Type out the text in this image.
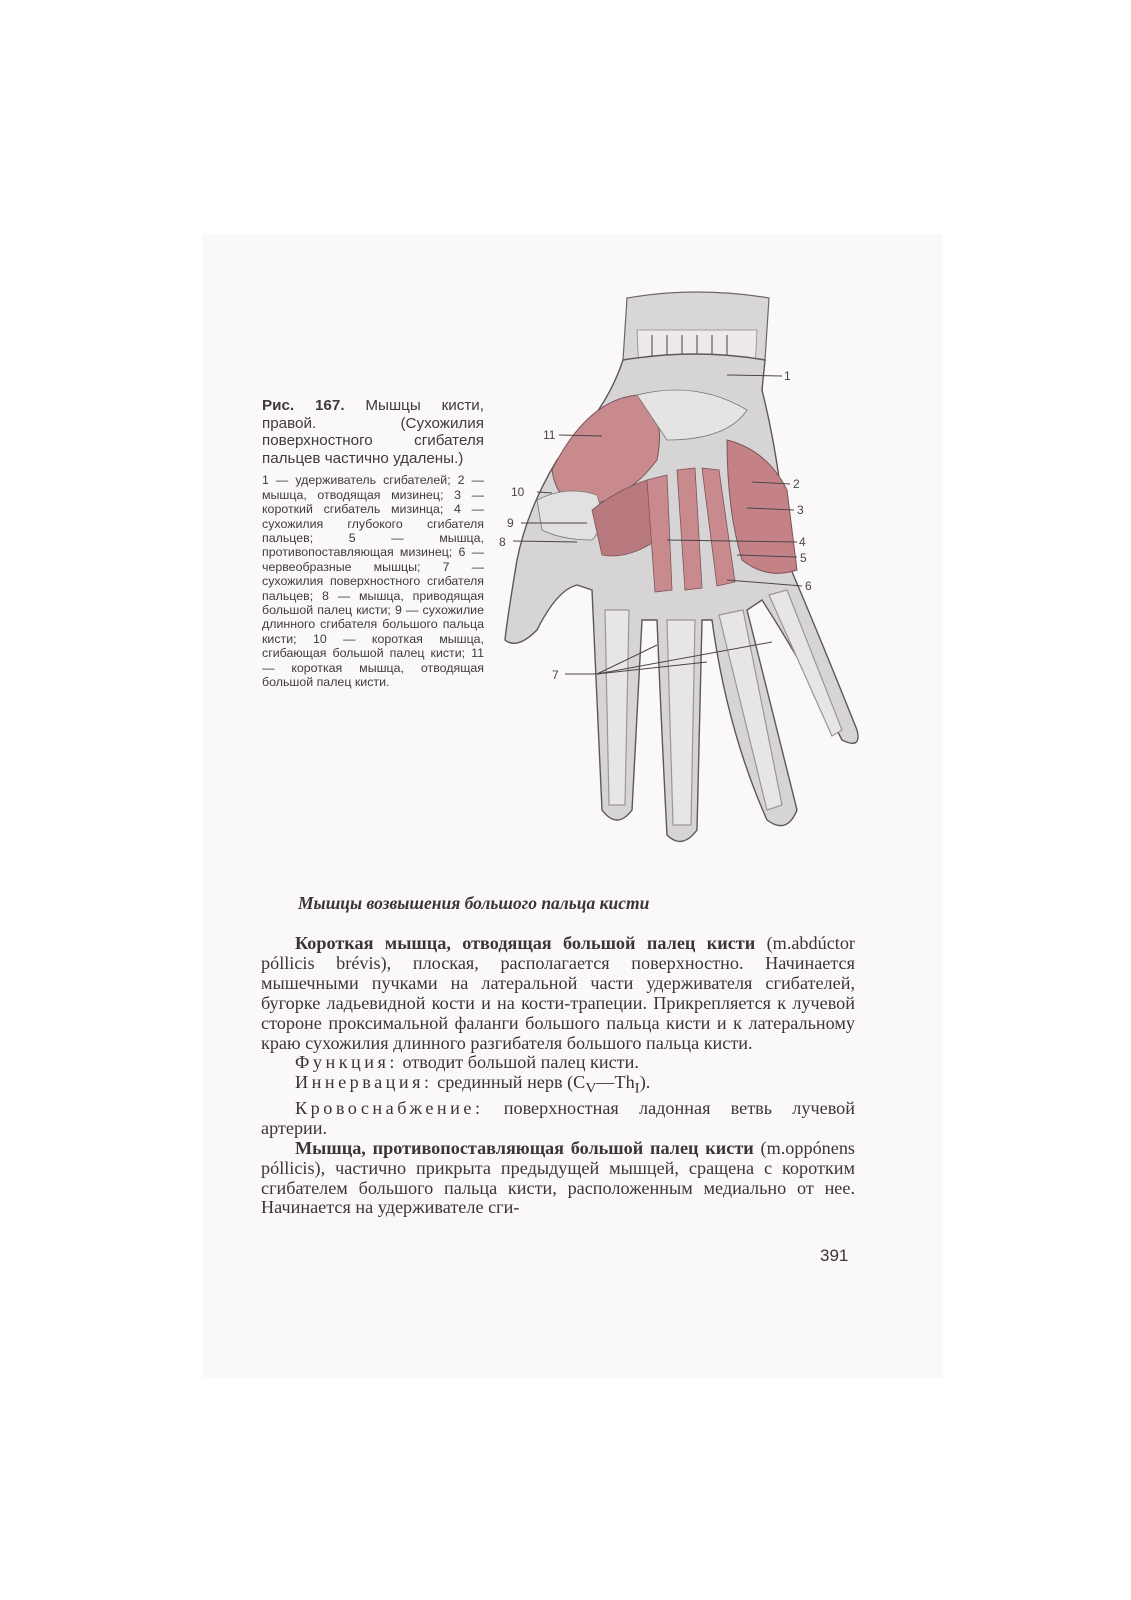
Рис. 167. Мышцы кисти, правой. (Сухожилия поверхностного сгибателя пальцев частично удалены.)

1 — удерживатель сгибателей; 2 — мышца, отводящая мизинец; 3 — короткий сгибатель мизинца; 4 — сухожилия глубокого сгибателя пальцев; 5 — мышца, противопоставляющая мизинец; 6 — червеобразные мышцы; 7 — сухожилия поверхностного сгибателя пальцев; 8 — мышца, приводящая большой палец кисти; 9 — сухожилие длинного сгибателя большого пальца кисти; 10 — короткая мышца, сгибающая большой палец кисти; 11 — короткая мышца, отводящая большой палец кисти.

1
2
3
4
5
6
7
8
9
10
11

Мышцы возвышения большого пальца кисти

Короткая мышца, отводящая большой палец кисти (m.abdúctor póllicis brévis), плоская, располагается поверхностно. Начинается мышечными пучками на латеральной части удерживателя сгибателей, бугорке ладьевидной кости и на кости-трапеции. Прикрепляется к лучевой стороне проксимальной фаланги большого пальца кисти и к латеральному краю сухожилия длинного разгибателя большого пальца кисти.

Функция: отводит большой палец кисти.

Иннервация: срединный нерв $(C_V—Th_I)$.

Кровоснабжение: поверхностная ладонная ветвь лучевой артерии.

Мышца, противопоставляющая большой палец кисти (m.oppónens póllicis), частично прикрыта предыдущей мышцей, сращена с коротким сгибателем большого пальца кисти, расположенным медиально от нее. Начинается на удерживателе сги-

391
